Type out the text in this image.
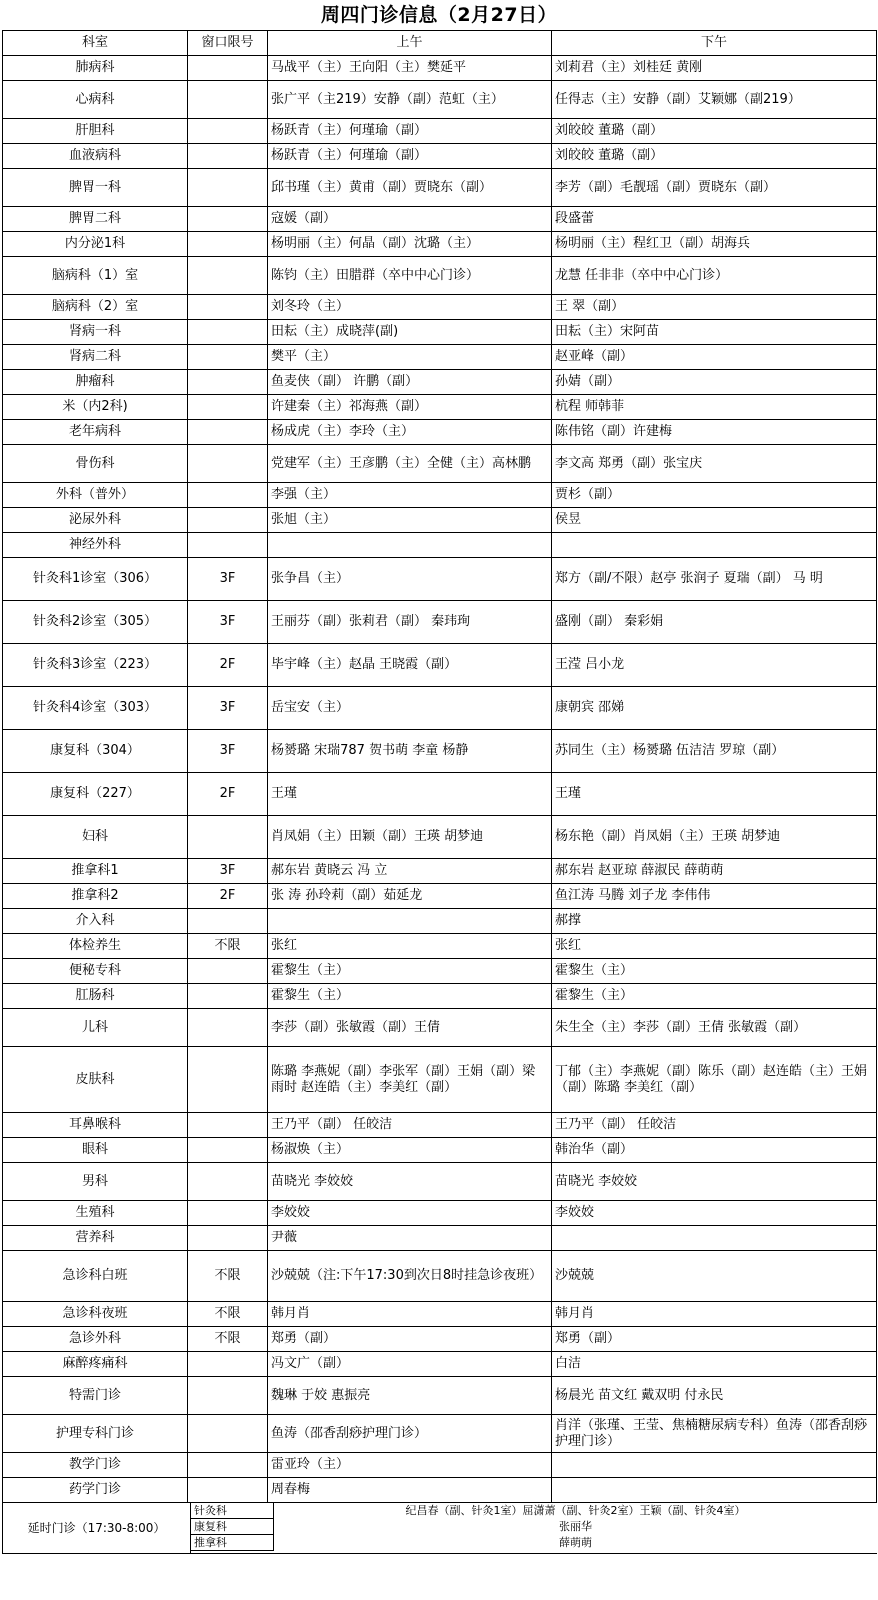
周四门诊信息（2月27日）
科室	窗口限号	上午	下午
肺病科		马战平（主）王向阳（主）樊延平	刘莉君（主）刘桂廷 黄刚
心病科		张广平（主219）安静（副）范虹（主）	任得志（主）安静（副）艾颖娜（副219）
肝胆科		杨跃青（主）何瑾瑜（副）	刘皎皎 董璐（副）
血液病科		杨跃青（主）何瑾瑜（副）	刘皎皎 董璐（副）
脾胃一科		邱书瑾（主）黄甫（副）贾晓东（副）	李芳（副）毛靓瑶（副）贾晓东（副）
脾胃二科		寇媛（副）	段盛蕾
内分泌1科		杨明丽（主）何晶（副）沈璐（主）	杨明丽（主）程红卫（副）胡海兵
脑病科（1）室		陈钧（主）田腊群（卒中中心门诊）	龙慧 任非非（卒中中心门诊）
脑病科（2）室		刘冬玲（主）	王 翠（副）
肾病一科		田耘（主）成晓萍(副)	田耘（主）宋阿苗
肾病二科		樊平（主）	赵亚峰（副）
肿瘤科		鱼麦侠（副） 许鹏（副）	孙婧（副）
米（内2科)		许建秦（主）祁海燕（副）	杭程 师韩菲
老年病科		杨成虎（主）李玲（主）	陈伟铭（副）许建梅
骨伤科		党建军（主）王彦鹏（主）全健（主）高林鹏	李文高 郑勇（副）张宝庆
外科（普外）		李强（主）	贾杉（副）
泌尿外科		张旭（主）	侯昱
神经外科			
针灸科1诊室（306）	3F	张争昌（主）	郑方（副/不限）赵亭 张润子 夏瑞（副） 马 明
针灸科2诊室（305）	3F	王丽芬（副）张莉君（副） 秦玮珣	盛刚（副） 秦彩娟
针灸科3诊室（223）	2F	毕宇峰（主）赵晶 王晓霞（副）	王滢 吕小龙
针灸科4诊室（303）	3F	岳宝安（主）	康朝宾 邵娣
康复科（304）	3F	杨赟璐 宋瑞787 贺书萌 李童 杨静	苏同生（主）杨赟璐 伍洁洁 罗琼（副）
康复科（227）	2F	王瑾	王瑾
妇科		肖凤娟（主）田颖（副）王瑛 胡梦迪	杨东艳（副）肖凤娟（主）王瑛 胡梦迪
推拿科1	3F	郝东岩 黄晓云 冯 立	郝东岩 赵亚琼 薛淑民 薛萌萌
推拿科2	2F	张 涛 孙玲莉（副）茹延龙	鱼江涛 马腾 刘子龙 李伟伟
介入科			郝撑
体检养生	不限	张红	张红
便秘专科		霍黎生（主）	霍黎生（主）
肛肠科		霍黎生（主）	霍黎生（主）
儿科		李莎（副）张敏霞（副）王倩	朱生全（主）李莎（副）王倩 张敏霞（副）
皮肤科		陈璐 李燕妮（副）李张军（副）王娟（副）梁雨时 赵连皓（主）李美红（副）	丁郁（主）李燕妮（副）陈乐（副）赵连皓（主）王娟（副）陈璐 李美红（副）
耳鼻喉科		王乃平（副） 任皎洁	王乃平（副） 任皎洁
眼科		杨淑焕（主）	韩治华（副）
男科		苗晓光 李姣姣	苗晓光 李姣姣
生殖科		李姣姣	李姣姣
营养科		尹薇	
急诊科白班	不限	沙兢兢（注:下午17:30到次日8时挂急诊夜班）	沙兢兢
急诊科夜班	不限	韩月肖	韩月肖
急诊外科	不限	郑勇（副）	郑勇（副）
麻醉疼痛科		冯文广（副）	白洁
特需门诊		魏琳 于姣 惠振亮	杨晨光 苗文红 戴双明 付永民
护理专科门诊		鱼涛（邵香刮痧护理门诊）	肖洋（张瑾、王莹、焦楠糖尿病专科）鱼涛（邵香刮痧护理门诊）
教学门诊		雷亚玲（主）	
药学门诊		周春梅	
延时门诊（17:30-8:00）
针灸科	纪昌春（副、针灸1室）屈潇萧（副、针灸2室）王颖（副、针灸4室）
康复科	张丽华
推拿科	薛萌萌
